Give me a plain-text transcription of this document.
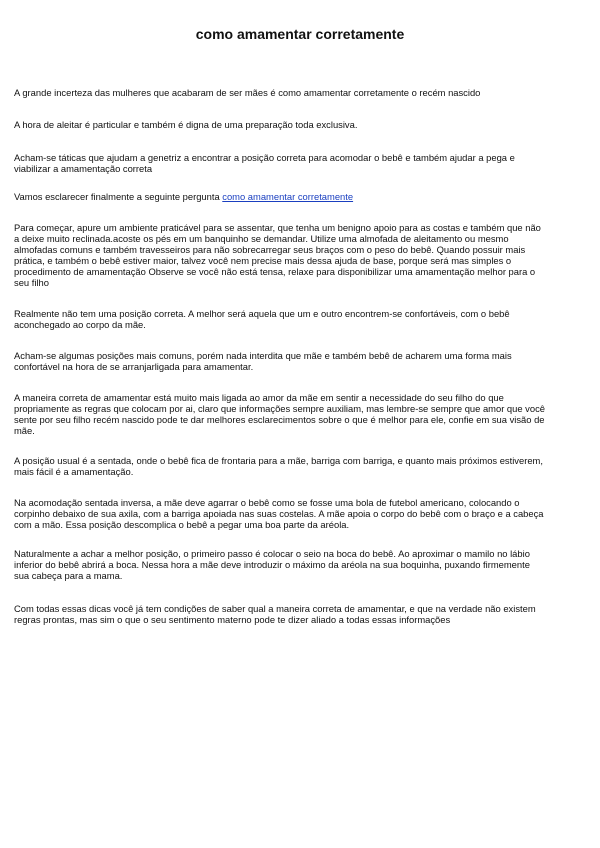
como amamentar corretamente

A grande incerteza das mulheres que acabaram de ser mães é como amamentar corretamente o recém nascido

A hora de aleitar é particular e também é digna de uma preparação toda exclusiva.

Acham-se táticas que ajudam a genetriz a encontrar a posição correta para acomodar o bebê e também ajudar a pega e
viabilizar a amamentação correta

Vamos esclarecer finalmente a seguinte pergunta como amamentar corretamente

Para começar, apure um ambiente praticável para se assentar, que tenha um benigno apoio para as costas e também que não
a deixe muito reclinada.acoste os pés em um banquinho se demandar. Utilize uma almofada de aleitamento ou mesmo
almofadas comuns e também travesseiros para não sobrecarregar seus braços com o peso do bebê. Quando possuir mais
prática, e também o bebê estiver maior, talvez você nem precise mais dessa ajuda de base, porque será mas simples o
procedimento de amamentação Observe se você não está tensa, relaxe para disponibilizar uma amamentação melhor para o
seu filho

Realmente não tem uma posição correta. A melhor será aquela que um e outro encontrem-se confortáveis, com o bebê
aconchegado ao corpo da mãe.

Acham-se algumas posições mais comuns, porém nada interdita que mãe e também bebê de acharem uma forma mais
confortável na hora de se arranjarligada para amamentar.

A maneira correta de amamentar está muito mais ligada ao amor da mãe em sentir a necessidade do seu filho do que
propriamente as regras que colocam por ai, claro que informações sempre auxiliam, mas lembre-se sempre que amor que você
sente por seu filho recém nascido pode te dar melhores esclarecimentos sobre o que é melhor para ele, confie em sua visão de
mãe.

A posição usual é a sentada, onde o bebê fica de frontaria para a mãe, barriga com barriga, e quanto mais próximos estiverem,
mais fácil é a amamentação.

Na acomodação sentada inversa, a mãe deve agarrar o bebê como se fosse uma bola de futebol americano, colocando o
corpinho debaixo de sua axila, com a barriga apoiada nas suas costelas. A mãe apoia o corpo do bebê com o braço e a cabeça
com a mão. Essa posição descomplica o bebê a pegar uma boa parte da aréola.

Naturalmente a achar a melhor posição, o primeiro passo é colocar o seio na boca do bebê. Ao aproximar o mamilo no lábio
inferior do bebê abrirá a boca. Nessa hora a mãe deve introduzir o máximo da aréola na sua boquinha, puxando firmemente
sua cabeça para a mama.

Com todas essas dicas você já tem condições de saber qual a maneira correta de amamentar, e que na verdade não existem
regras prontas, mas sim o que o seu sentimento materno pode te dizer aliado a todas essas informações
